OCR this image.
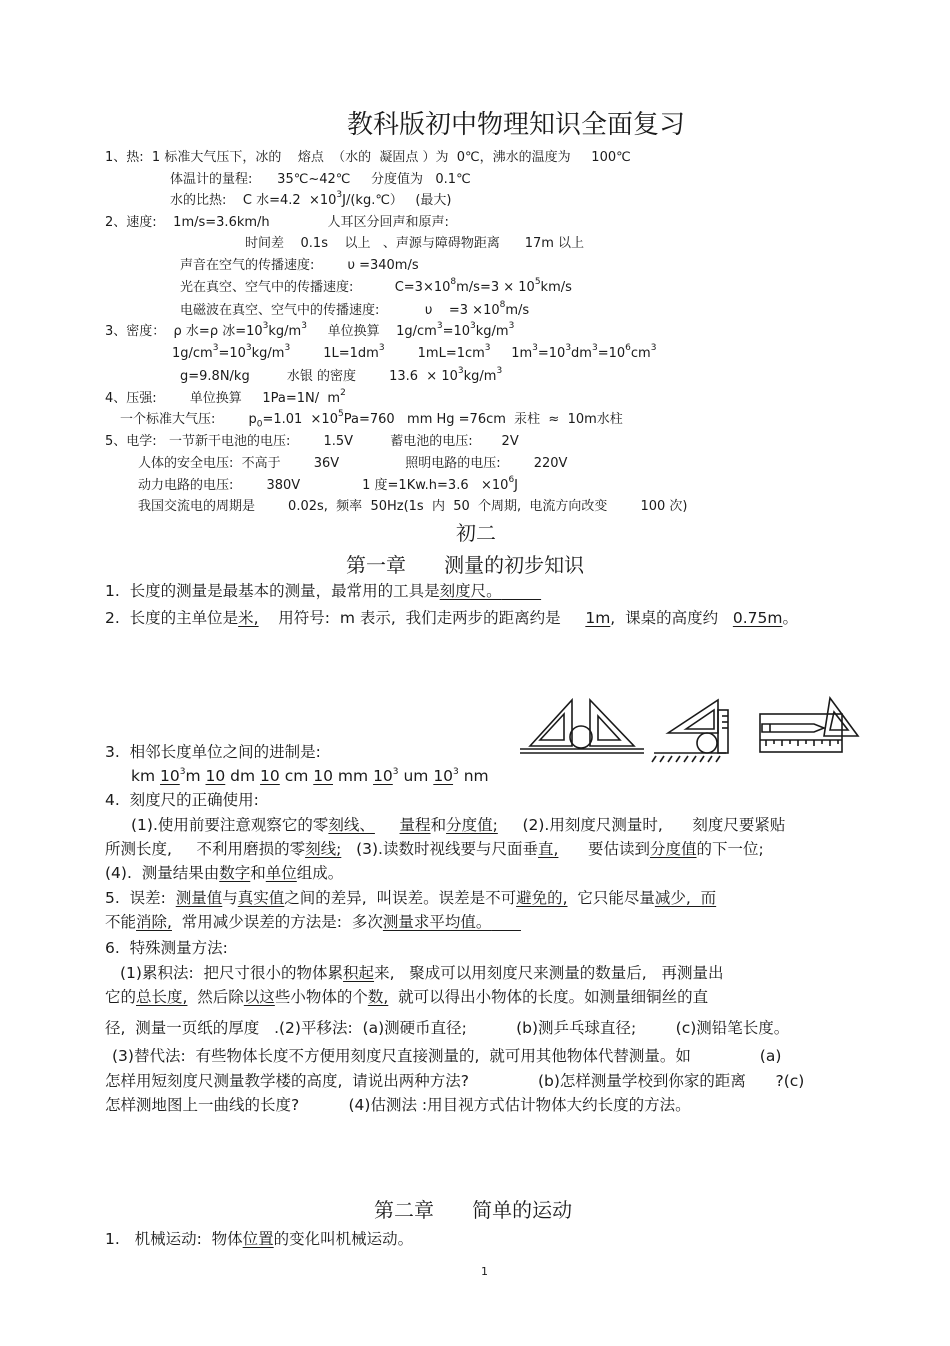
教科版初中物理知识全面复习
1、热:  1 标准大气压下，冰的    熔点  （水的  凝固点 ）为  0℃，沸水的温度为     100℃
体温计的量程:      35℃~42℃     分度值为   0.1℃
水的比热:    C 水$=4.2 \times 10^3J/(kg.℃)$   (最大)
2、速度:    1m/s=3.6km/h              人耳区分回声和原声:
时间差    0.1s    以上   、声源与障碍物距离      17m 以上
声音在空气的传播速度:        υ =340m/s
光在真空、空气中的传播速度:          $C=3\times 10^8m/s=3 \times 10^5km/s$
电磁波在真空、空气中的传播速度:           υ    $=3 \times 10^8m/s$
3、密度：  ρ 水=ρ 冰$=10^3kg/m^3$     单位换算    $1g/cm^3=10^3kg/m^3$
$1g/cm^3=10^3kg/m^3$        $1L=1dm^3$        $1mL=1cm^3$     $1m^3=10^3dm^3=10^6cm^3$
g=9.8N/kg         水银 的密度        $13.6 \times 10^3kg/m^3$
4、压强:        单位换算     1Pa=1N/  $m^2$
一个标准大气压:        $p_0=1.01 \times 10^5Pa=760$   mm Hg =76cm  汞柱  ≈  10m水柱
5、电学:   一节新干电池的电压:        1.5V         蓄电池的电压:       2V
人体的安全电压:  不高于        36V                照明电路的电压:        220V
动力电路的电压:        380V               1 度$=1Kw.h=3.6 \times 10^6J$
我国交流电的周期是        0.02s,  频率  50Hz(1s  内  50  个周期,  电流方向改变        100 次)
初二
第一章      测量的初步知识
1.  长度的测量是最基本的测量，最常用的工具是刻度尺。
2.  长度的主单位是米,    用符号:  m 表示,  我们走两步的距离约是     1m,  课桌的高度约   0.75m。
3.  相邻长度单位之间的进制是:
km $10^3m$ 10 dm 10 cm 10 mm $10^3$ um $10^3$ nm
4.  刻度尺的正确使用:
(1).使用前要注意观察它的零刻线、 量程和分度值;     (2).用刻度尺测量时,      刻度尺要紧贴
所测长度,     不利用磨损的零刻线;   (3).读数时视线要与尺面垂直,      要估读到分度值的下一位;
(4).  测量结果由数字和单位组成。
5.  误差:  测量值与真实值之间的差异,  叫误差。误差是不可避免的,  它只能尽量减少,  而
不能消除,  常用减少误差的方法是:  多次测量求平均值。
6.  特殊测量方法:
(1)累积法:  把尺寸很小的物体累积起来,   聚成可以用刻度尺来测量的数量后,   再测量出
它的总长度,  然后除以这些小物体的个数,  就可以得出小物体的长度。如测量细铜丝的直
径,  测量一页纸的厚度   .(2)平移法:  (a)测硬币直径;          (b)测乒乓球直径;        (c)测铅笔长度。
(3)替代法:  有些物体长度不方便用刻度尺直接测量的,  就可用其他物体代替测量。如              (a)
怎样用短刻度尺测量教学楼的高度,  请说出两种方法?              (b)怎样测量学校到你家的距离      ?(c)
怎样测地图上一曲线的长度?          (4)估测法 :用目视方式估计物体大约长度的方法。
第二章      简单的运动
1.   机械运动:  物体位置的变化叫机械运动。
1
